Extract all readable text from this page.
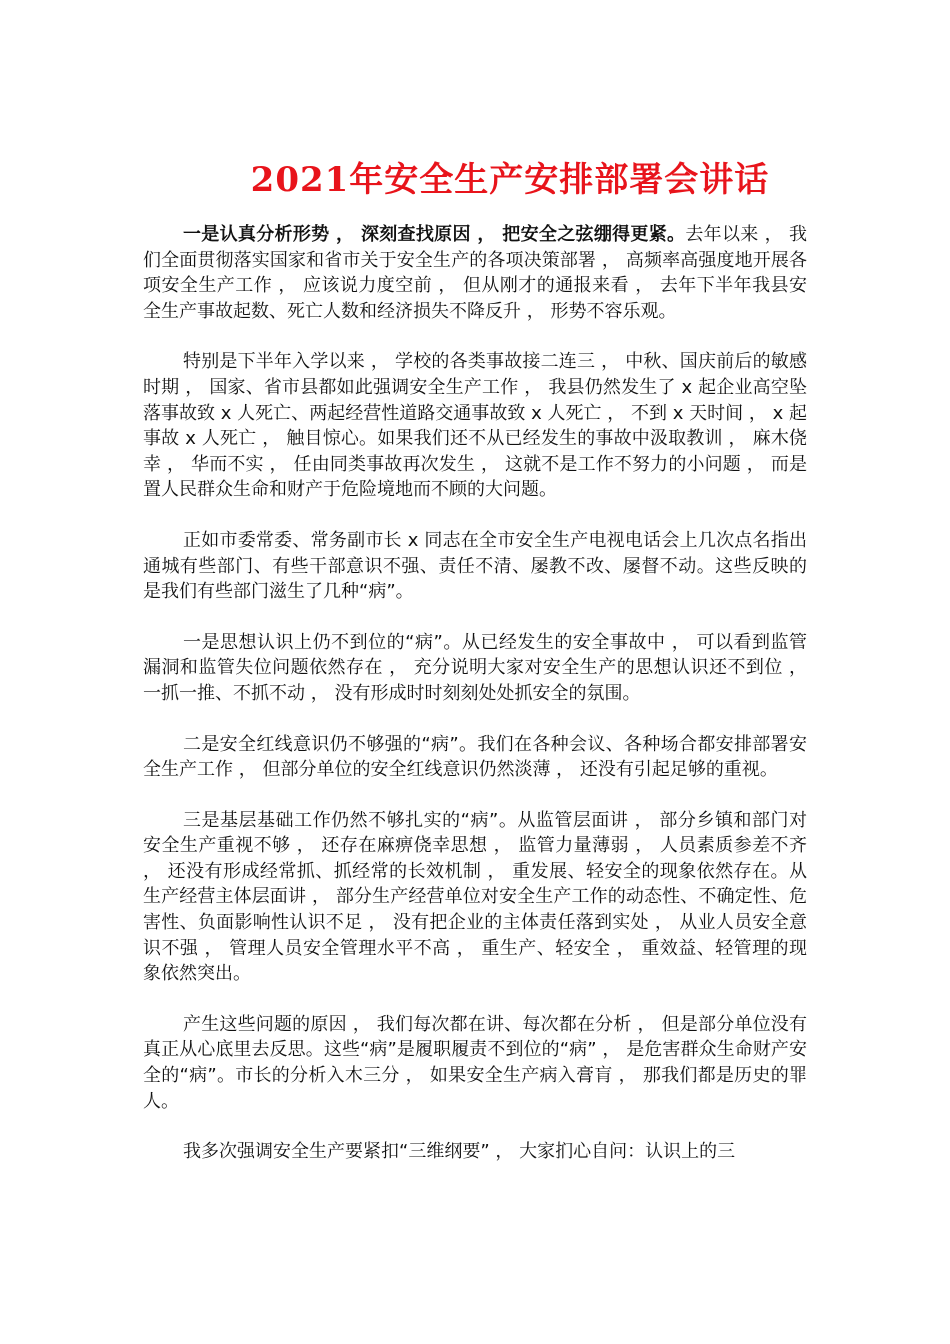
2021年安全生产安排部署会讲话

一是认真分析形势 ， 深刻查找原因 ， 把安全之弦绷得更紧。去年以来 ， 我们全面贯彻落实国家和省市关于安全生产的各项决策部署 ， 高频率高强度地开展各项安全生产工作 ， 应该说力度空前 ， 但从刚才的通报来看 ， 去年下半年我县安全生产事故起数、死亡人数和经济损失不降反升 ， 形势不容乐观。

特别是下半年入学以来 ， 学校的各类事故接二连三 ， 中秋、国庆前后的敏感时期 ， 国家、省市县都如此强调安全生产工作 ， 我县仍然发生了 x 起企业高空坠落事故致 x 人死亡、两起经营性道路交通事故致 x 人死亡 ， 不到 x 天时间 ， x 起事故 x 人死亡 ， 触目惊心。如果我们还不从已经发生的事故中汲取教训 ， 麻木侥幸 ， 华而不实 ， 任由同类事故再次发生 ， 这就不是工作不努力的小问题 ， 而是置人民群众生命和财产于危险境地而不顾的大问题。

正如市委常委、常务副市长 x 同志在全市安全生产电视电话会上几次点名指出通城有些部门、有些干部意识不强、责任不清、屡教不改、屡督不动。这些反映的是我们有些部门滋生了几种“病”。

一是思想认识上仍不到位的“病”。从已经发生的安全事故中 ， 可以看到监管漏洞和监管失位问题依然存在 ， 充分说明大家对安全生产的思想认识还不到位 ， 一抓一推、不抓不动 ， 没有形成时时刻刻处处抓安全的氛围。

二是安全红线意识仍不够强的“病”。我们在各种会议、各种场合都安排部署安全生产工作 ， 但部分单位的安全红线意识仍然淡薄 ， 还没有引起足够的重视。

三是基层基础工作仍然不够扎实的“病”。从监管层面讲 ， 部分乡镇和部门对安全生产重视不够 ， 还存在麻痹侥幸思想 ， 监管力量薄弱 ， 人员素质参差不齐 ， 还没有形成经常抓、抓经常的长效机制 ， 重发展、轻安全的现象依然存在。从生产经营主体层面讲 ， 部分生产经营单位对安全生产工作的动态性、不确定性、危害性、负面影响性认识不足 ， 没有把企业的主体责任落到实处 ， 从业人员安全意识不强 ， 管理人员安全管理水平不高 ， 重生产、轻安全 ， 重效益、轻管理的现象依然突出。

产生这些问题的原因 ， 我们每次都在讲、每次都在分析 ， 但是部分单位没有真正从心底里去反思。这些“病”是履职履责不到位的“病” ， 是危害群众生命财产安全的“病”。市长的分析入木三分 ， 如果安全生产病入膏肓 ， 那我们都是历史的罪人。

我多次强调安全生产要紧扣“三维纲要” ， 大家扪心自问：认识上的三
